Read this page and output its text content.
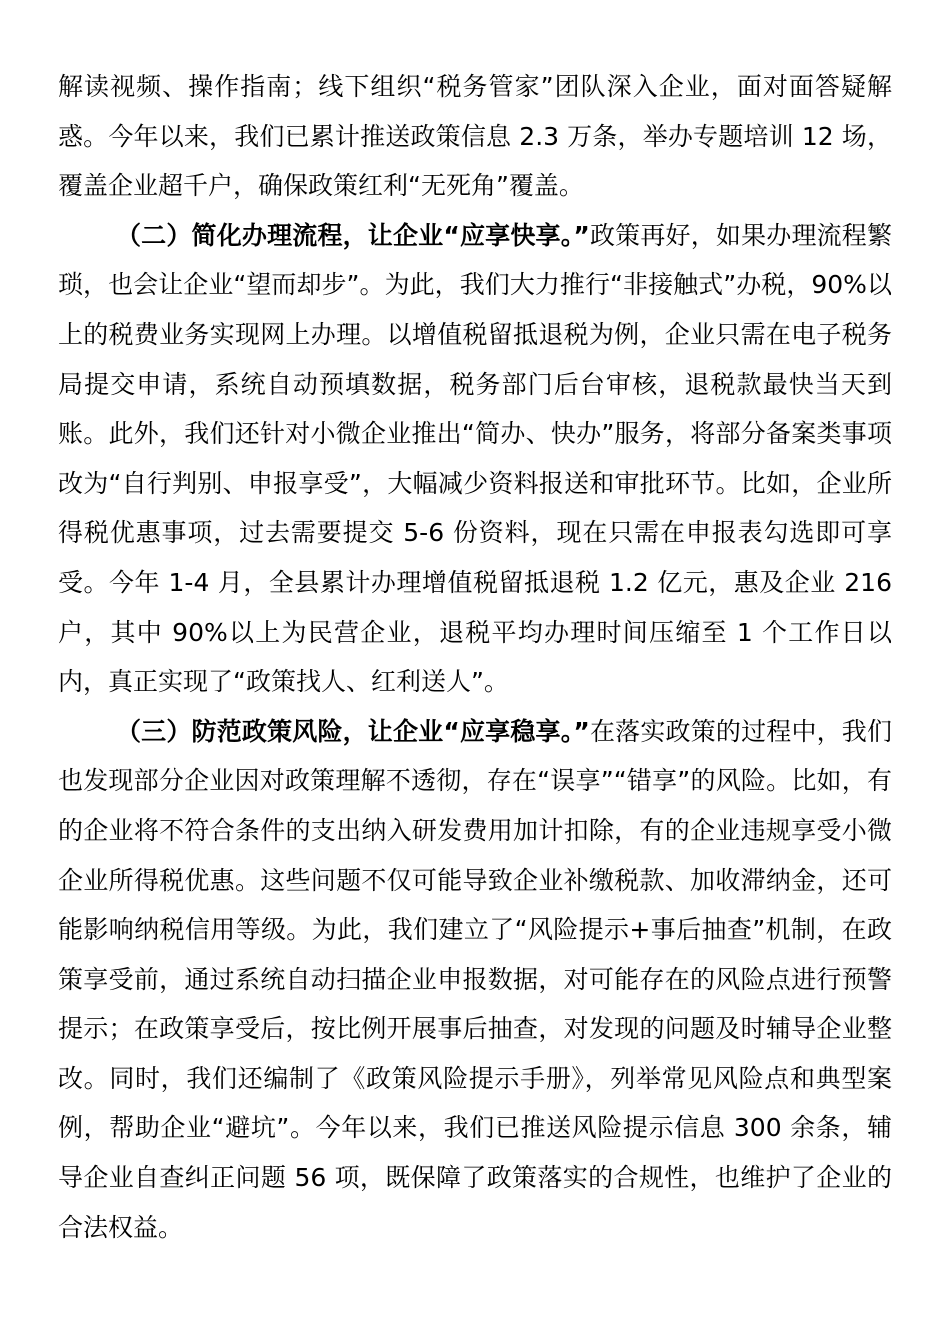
解读视频、操作指南；线下组织“税务管家”团队深入企业，面对面答疑解惑。今年以来，我们已累计推送政策信息 2.3 万条，举办专题培训 12 场，覆盖企业超千户，确保政策红利“无死角”覆盖。

（二）简化办理流程，让企业“应享快享。”政策再好，如果办理流程繁琐，也会让企业“望而却步”。为此，我们大力推行“非接触式”办税，90%以上的税费业务实现网上办理。以增值税留抵退税为例，企业只需在电子税务局提交申请，系统自动预填数据，税务部门后台审核，退税款最快当天到账。此外，我们还针对小微企业推出“简办、快办”服务，将部分备案类事项改为“自行判别、申报享受”，大幅减少资料报送和审批环节。比如，企业所得税优惠事项，过去需要提交 5-6 份资料，现在只需在申报表勾选即可享受。今年 1-4 月，全县累计办理增值税留抵退税 1.2 亿元，惠及企业 216 户，其中 90%以上为民营企业，退税平均办理时间压缩至 1 个工作日以内，真正实现了“政策找人、红利送人”。

（三）防范政策风险，让企业“应享稳享。”在落实政策的过程中，我们也发现部分企业因对政策理解不透彻，存在“误享”“错享”的风险。比如，有的企业将不符合条件的支出纳入研发费用加计扣除，有的企业违规享受小微企业所得税优惠。这些问题不仅可能导致企业补缴税款、加收滞纳金，还可能影响纳税信用等级。为此，我们建立了“风险提示+事后抽查”机制，在政策享受前，通过系统自动扫描企业申报数据，对可能存在的风险点进行预警提示；在政策享受后，按比例开展事后抽查，对发现的问题及时辅导企业整改。同时，我们还编制了《政策风险提示手册》，列举常见风险点和典型案例，帮助企业“避坑”。今年以来，我们已推送风险提示信息 300 余条，辅导企业自查纠正问题 56 项，既保障了政策落实的合规性，也维护了企业的合法权益。
